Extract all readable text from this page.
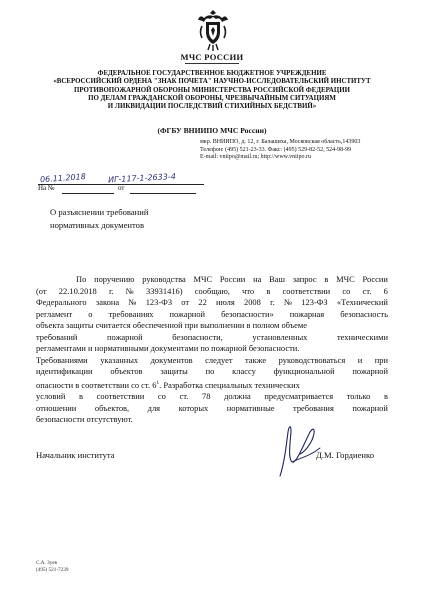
МЧС РОССИИ
ФЕДЕРАЛЬНОЕ ГОСУДАРСТВЕННОЕ БЮДЖЕТНОЕ УЧРЕЖДЕНИЕ
«ВСЕРОССИЙСКИЙ ОРДЕНА "ЗНАК ПОЧЕТА" НАУЧНО-ИССЛЕДОВАТЕЛЬСКИЙ ИНСТИТУТ
ПРОТИВОПОЖАРНОЙ ОБОРОНЫ МИНИСТЕРСТВА РОССИЙСКОЙ ФЕДЕРАЦИИ
ПО ДЕЛАМ ГРАЖДАНСКОЙ ОБОРОНЫ, ЧРЕЗВЫЧАЙНЫМ СИТУАЦИЯМ
И ЛИКВИДАЦИИ ПОСЛЕДСТВИЙ СТИХИЙНЫХ БЕДСТВИЙ»
(ФГБУ ВНИИПО МЧС России)
мкр. ВНИИПО, д. 12, г. Балашиха, Московская область,143903
Телефон: (495) 521-23-33. Факс: (495) 529-82-52, 524-98-99
E-mail: vniipo@mail.ru; http://www.vniipo.ru
06.11.2018	ИГ-117-1-2633-4
На №	от
О разъяснении требований
нормативных документов
По поручению руководства МЧС России на Ваш запрос в МЧС России
(от 22.10.2018 г. № 33931416) сообщаю, что в соответствии со ст. 6
Федерального закона № 123-ФЗ от 22 июля 2008 г. № 123-ФЗ «Технический
регламент о требованиях пожарной безопасности» пожарная безопасность
объекта защиты считается обеспеченной при выполнении в полном объеме
требований	пожарной	безопасности,	установленных	техническими
регламентами и нормативными документами по пожарной безопасности.
Требованиями указанных документов следует также руководствоваться и при
идентификации объектов защиты по классу функциональной пожарной
опасности в соответствии со ст. $6^1$. Разработка специальных технических
условий в соответствии со ст. 78 должна предусматривается только в
отношении объектов, для которых нормативные требования пожарной
безопасности отсутствуют.
Начальник института	Д.М. Гордиенко
С.А. Зуев
(495) 521-7239
